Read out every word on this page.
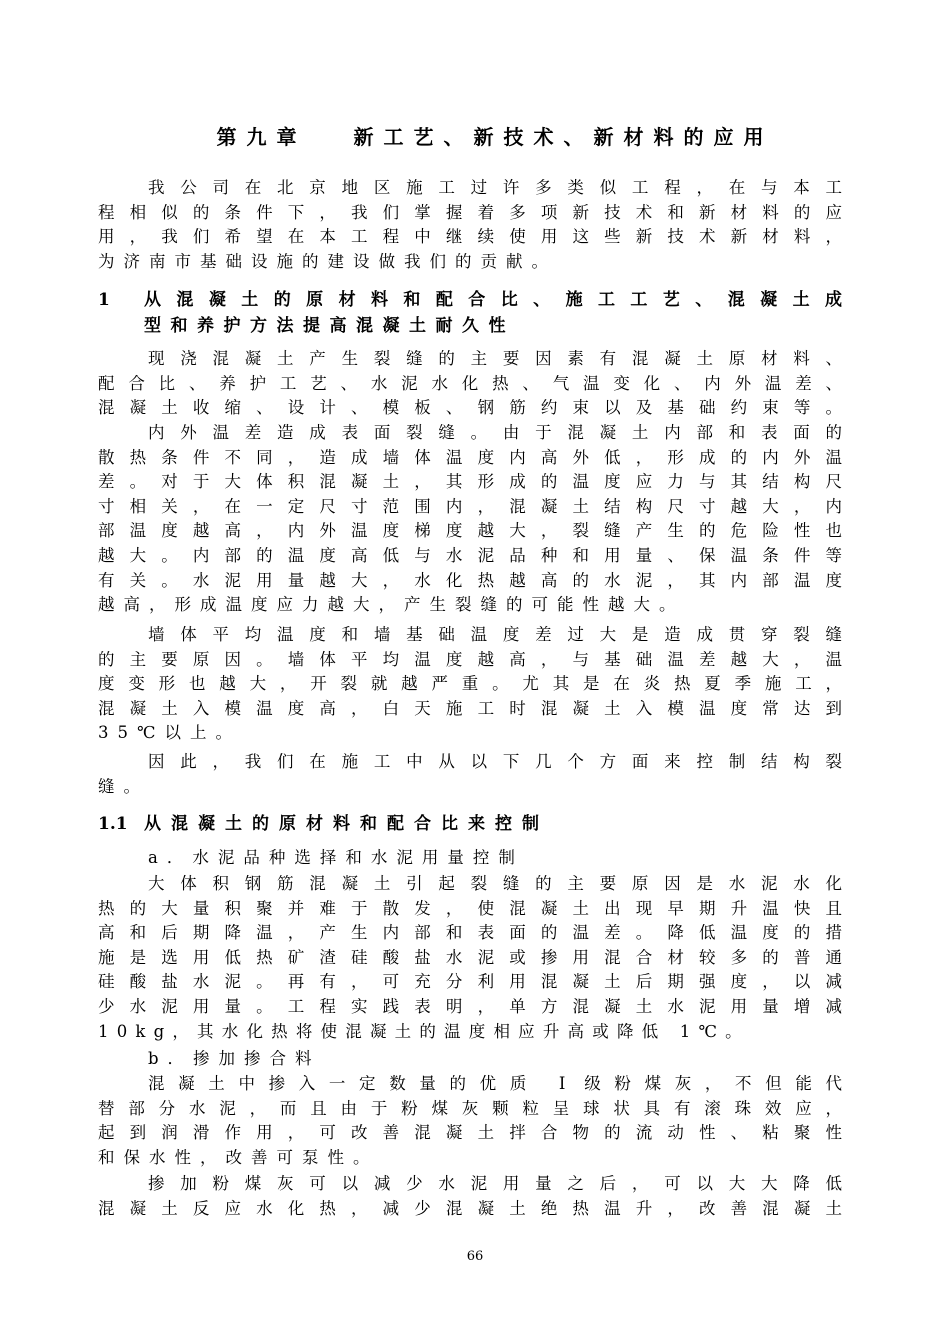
第九章　 新工艺、新技术、新材料的应用
我公司在北京地区施工过许多类似工程，在与本工
程相似的条件下，我们掌握着多项新技术和新材料的应
用，我们希望在本工程中继续使用这些新技术新材料，
为济南市基础设施的建设做我们的贡献。
1	从混凝土的原材料和配合比、施工工艺、混凝土成
型和养护方法提高混凝土耐久性
现浇混凝土产生裂缝的主要因素有混凝土原材料、
配合比、养护工艺、水泥水化热、气温变化、内外温差、
混凝土收缩、设计、模板、钢筋约束以及基础约束等。
内外温差造成表面裂缝。由于混凝土内部和表面的
散热条件不同，造成墙体温度内高外低，形成的内外温
差。对于大体积混凝土，其形成的温度应力与其结构尺
寸相关，在一定尺寸范围内，混凝土结构尺寸越大，内
部温度越高，内外温度梯度越大，裂缝产生的危险性也
越大。内部的温度高低与水泥品种和用量、保温条件等
有关。水泥用量越大，水化热越高的水泥，其内部温度
越高，形成温度应力越大，产生裂缝的可能性越大。
墙体平均温度和墙基础温度差过大是造成贯穿裂缝
的主要原因。墙体平均温度越高，与基础温差越大，温
度变形也越大，开裂就越严重。尤其是在炎热夏季施工，
混凝土入模温度高，白天施工时混凝土入模温度常达到
35℃以上。
因此，我们在施工中从以下几个方面来控制结构裂
缝。
1.1 从混凝土的原材料和配合比来控制
a．水泥品种选择和水泥用量控制
大体积钢筋混凝土引起裂缝的主要原因是水泥水化
热的大量积聚并难于散发，使混凝土出现早期升温快且
高和后期降温，产生内部和表面的温差。降低温度的措
施是选用低热矿渣硅酸盐水泥或掺用混合材较多的普通
硅酸盐水泥。再有，可充分利用混凝土后期强度，以减
少水泥用量。工程实践表明，单方混凝土水泥用量增减
10kg，其水化热将使混凝土的温度相应升高或降低 1℃。
b．掺加掺合料
混凝土中掺入一定数量的优质 I 级粉煤灰，不但能代
替部分水泥，而且由于粉煤灰颗粒呈球状具有滚珠效应，
起到润滑作用，可改善混凝土拌合物的流动性、粘聚性
和保水性，改善可泵性。
掺加粉煤灰可以减少水泥用量之后，可以大大降低
混凝土反应水化热，减少混凝土绝热温升，改善混凝土
66
